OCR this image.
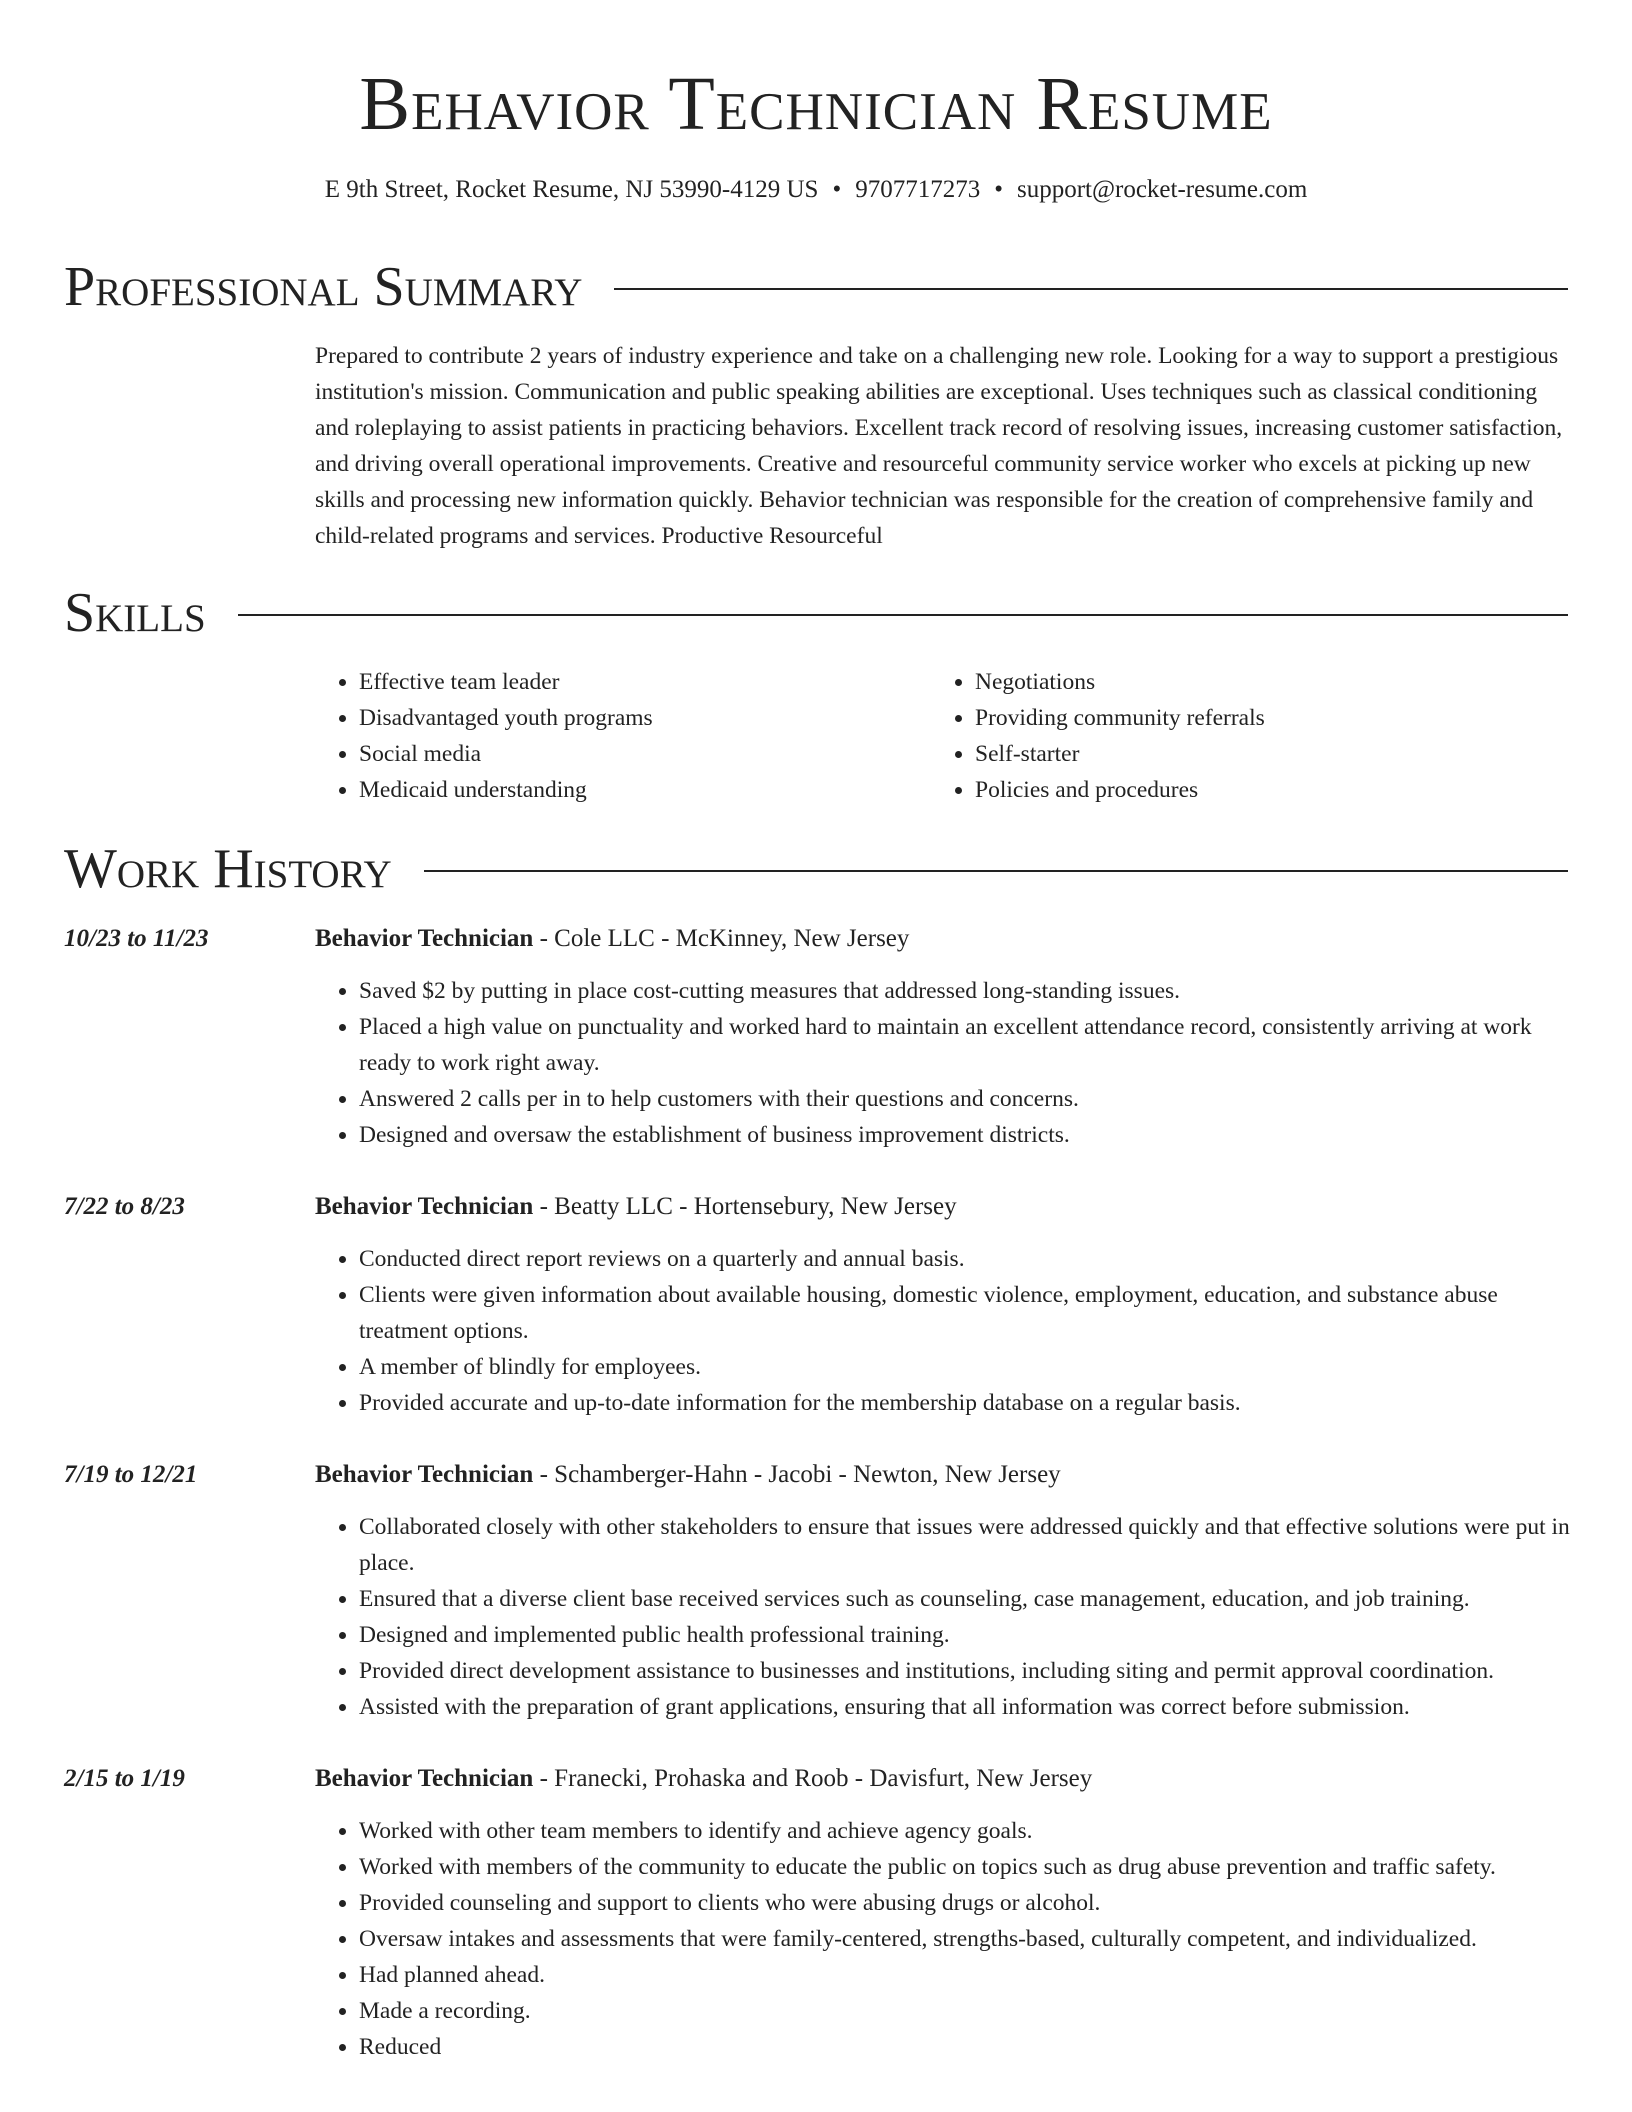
Behavior Technician Resume
E 9th Street, Rocket Resume, NJ 53990-4129 US • 9707717273 • support@rocket-resume.com
Professional Summary

Prepared to contribute 2 years of industry experience and take on a challenging new role. Looking for a way to support a prestigious institution's mission. Communication and public speaking abilities are exceptional. Uses techniques such as classical conditioning and roleplaying to assist patients in practicing behaviors. Excellent track record of resolving issues, increasing customer satisfaction, and driving overall operational improvements. Creative and resourceful community service worker who excels at picking up new skills and processing new information quickly. Behavior technician was responsible for the creation of comprehensive family and child-related programs and services. Productive Resourceful

Skills
• Effective team leader
• Disadvantaged youth programs
• Social media
• Medicaid understanding
• Negotiations
• Providing community referrals
• Self-starter
• Policies and procedures
Work History
10/23 to 11/23	Behavior Technician - Cole LLC - McKinney, New Jersey
• Saved $2 by putting in place cost-cutting measures that addressed long-standing issues.
• Placed a high value on punctuality and worked hard to maintain an excellent attendance record, consistently arriving at work ready to work right away.
• Answered 2 calls per in to help customers with their questions and concerns.
• Designed and oversaw the establishment of business improvement districts.
7/22 to 8/23	Behavior Technician - Beatty LLC - Hortensebury, New Jersey
• Conducted direct report reviews on a quarterly and annual basis.
• Clients were given information about available housing, domestic violence, employment, education, and substance abuse treatment options.
• A member of blindly for employees.
• Provided accurate and up-to-date information for the membership database on a regular basis.
7/19 to 12/21	Behavior Technician - Schamberger-Hahn - Jacobi - Newton, New Jersey
• Collaborated closely with other stakeholders to ensure that issues were addressed quickly and that effective solutions were put in place.
• Ensured that a diverse client base received services such as counseling, case management, education, and job training.
• Designed and implemented public health professional training.
• Provided direct development assistance to businesses and institutions, including siting and permit approval coordination.
• Assisted with the preparation of grant applications, ensuring that all information was correct before submission.
2/15 to 1/19	Behavior Technician - Franecki, Prohaska and Roob - Davisfurt, New Jersey
• Worked with other team members to identify and achieve agency goals.
• Worked with members of the community to educate the public on topics such as drug abuse prevention and traffic safety.
• Provided counseling and support to clients who were abusing drugs or alcohol.
• Oversaw intakes and assessments that were family-centered, strengths-based, culturally competent, and individualized.
• Had planned ahead.
• Made a recording.
• Reduced
